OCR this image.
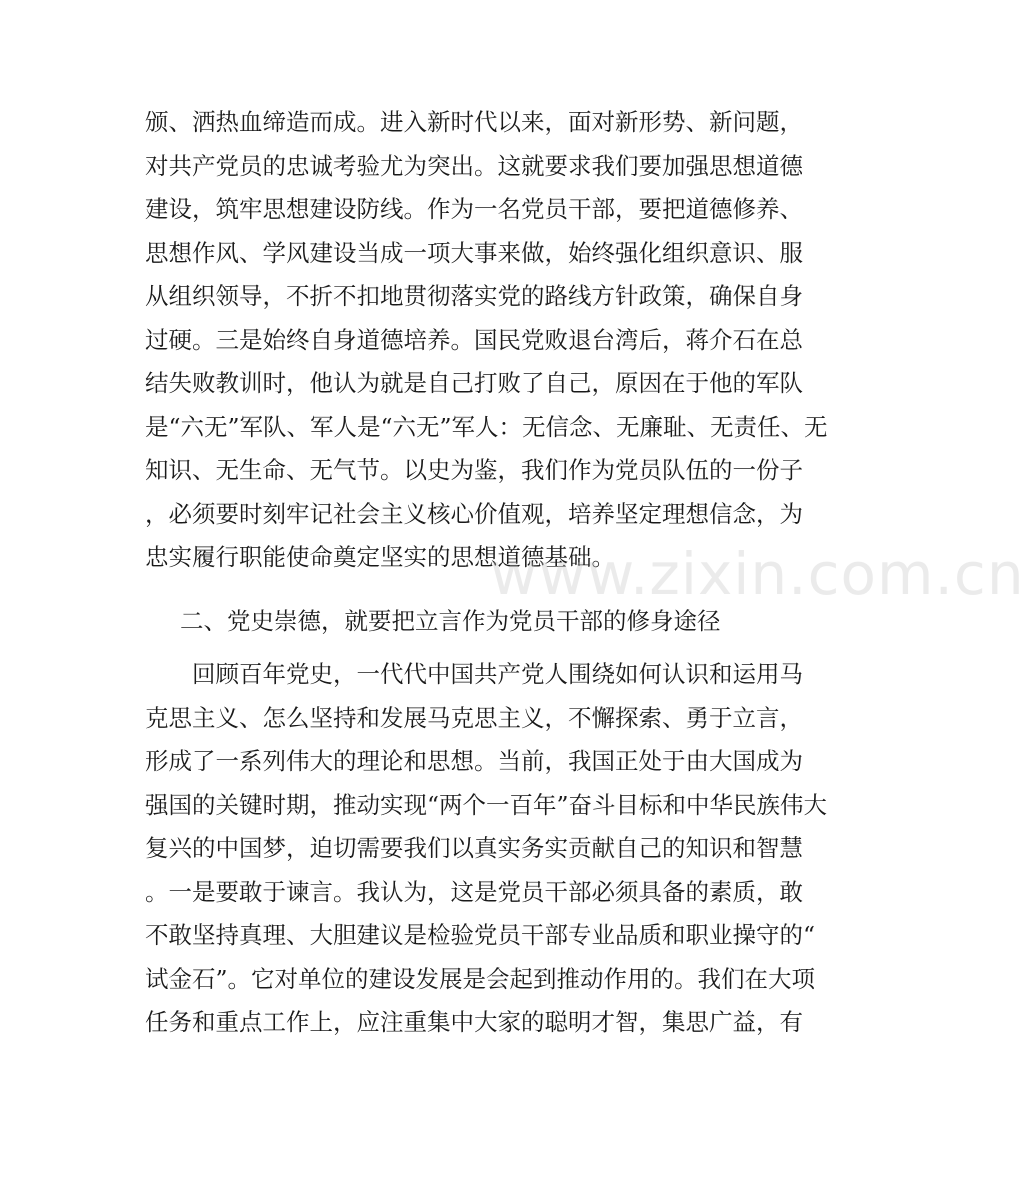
颁、洒热血缔造而成。进入新时代以来，面对新形势、新问题，
对共产党员的忠诚考验尤为突出。这就要求我们要加强思想道德
建设，筑牢思想建设防线。作为一名党员干部，要把道德修养、
思想作风、学风建设当成一项大事来做，始终强化组织意识、服
从组织领导，不折不扣地贯彻落实党的路线方针政策，确保自身
过硬。三是始终自身道德培养。国民党败退台湾后，蒋介石在总
结失败教训时，他认为就是自己打败了自己，原因在于他的军队
是“六无”军队、军人是“六无”军人：无信念、无廉耻、无责任、无
知识、无生命、无气节。以史为鉴，我们作为党员队伍的一份子
，必须要时刻牢记社会主义核心价值观，培养坚定理想信念，为
忠实履行职能使命奠定坚实的思想道德基础。
二、党史崇德，就要把立言作为党员干部的修身途径
　　回顾百年党史，一代代中国共产党人围绕如何认识和运用马
克思主义、怎么坚持和发展马克思主义，不懈探索、勇于立言，
形成了一系列伟大的理论和思想。当前，我国正处于由大国成为
强国的关键时期，推动实现“两个一百年”奋斗目标和中华民族伟大
复兴的中国梦，迫切需要我们以真实务实贡献自己的知识和智慧
。一是要敢于谏言。我认为，这是党员干部必须具备的素质，敢
不敢坚持真理、大胆建议是检验党员干部专业品质和职业操守的“
试金石”。它对单位的建设发展是会起到推动作用的。我们在大项
任务和重点工作上，应注重集中大家的聪明才智，集思广益，有
www.zixin.com.cn
